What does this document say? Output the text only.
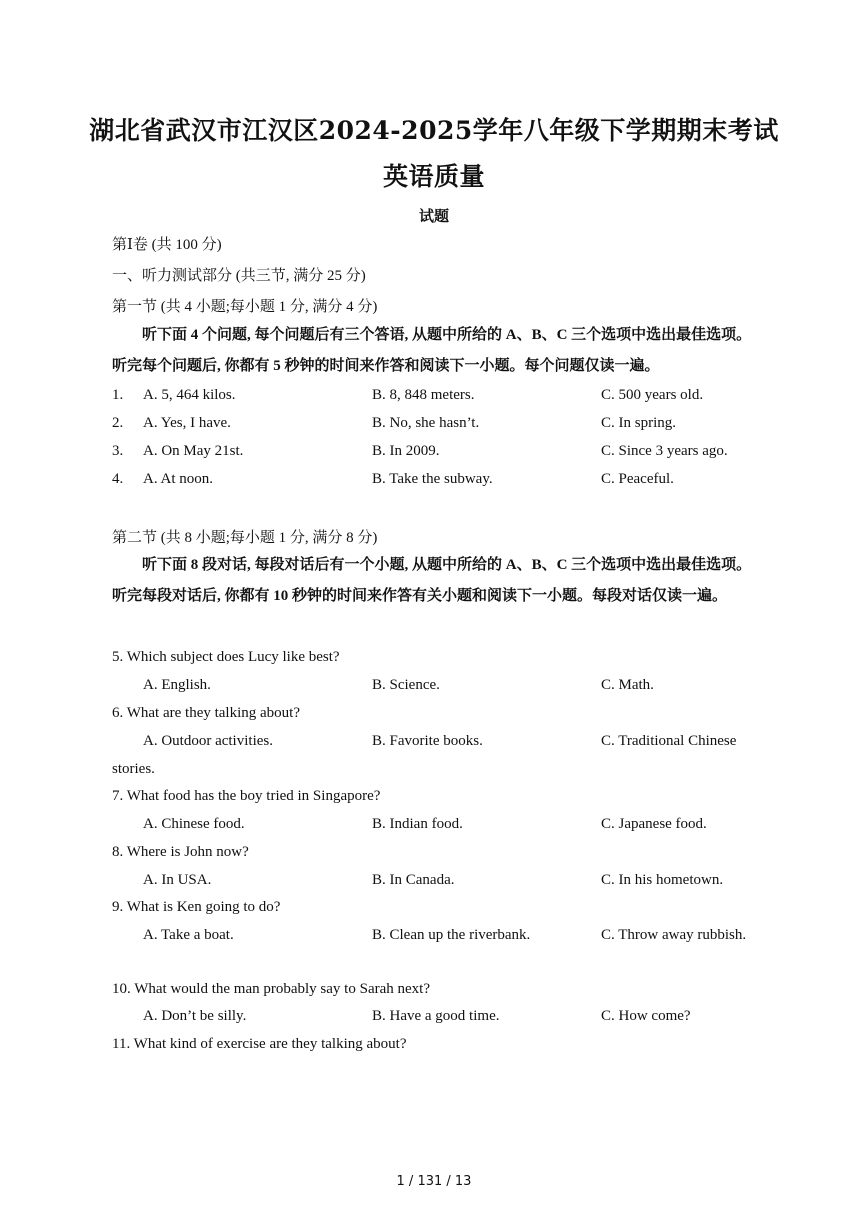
湖北省武汉市江汉区2024-2025学年八年级下学期期末考试
英语质量
试题
第Ⅰ卷 (共 100 分)
一、听力测试部分 (共三节, 满分 25 分)
第一节 (共 4 小题;每小题 1 分, 满分 4 分)
听下面 4 个问题, 每个问题后有三个答语, 从题中所给的 A、B、C 三个选项中选出最佳选项。听完每个问题后, 你都有 5 秒钟的时间来作答和阅读下一小题。每个问题仅读一遍。
1. A. 5, 464 kilos.	B. 8, 848 meters.	C. 500 years old.
2. A. Yes, I have.	B. No, she hasn’t.	C. In spring.
3. A. On May 21st.	B. In 2009.	C. Since 3 years ago.
4. A. At noon.	B. Take the subway.	C. Peaceful.
第二节 (共 8 小题;每小题 1 分, 满分 8 分)
听下面 8 段对话, 每段对话后有一个小题, 从题中所给的 A、B、C 三个选项中选出最佳选项。听完每段对话后, 你都有 10 秒钟的时间来作答有关小题和阅读下一小题。每段对话仅读一遍。
5. Which subject does Lucy like best?
A. English.	B. Science.	C. Math.
6. What are they talking about?
A. Outdoor activities.	B. Favorite books.	C. Traditional Chinese
stories.
7. What food has the boy tried in Singapore?
A. Chinese food.	B. Indian food.	C. Japanese food.
8. Where is John now?
A. In USA.	B. In Canada.	C. In his hometown.
9. What is Ken going to do?
A. Take a boat.	B. Clean up the riverbank.	C. Throw away rubbish.
10. What would the man probably say to Sarah next?
A. Don’t be silly.	B. Have a good time.	C. How come?
11. What kind of exercise are they talking about?
1 / 131 / 13
